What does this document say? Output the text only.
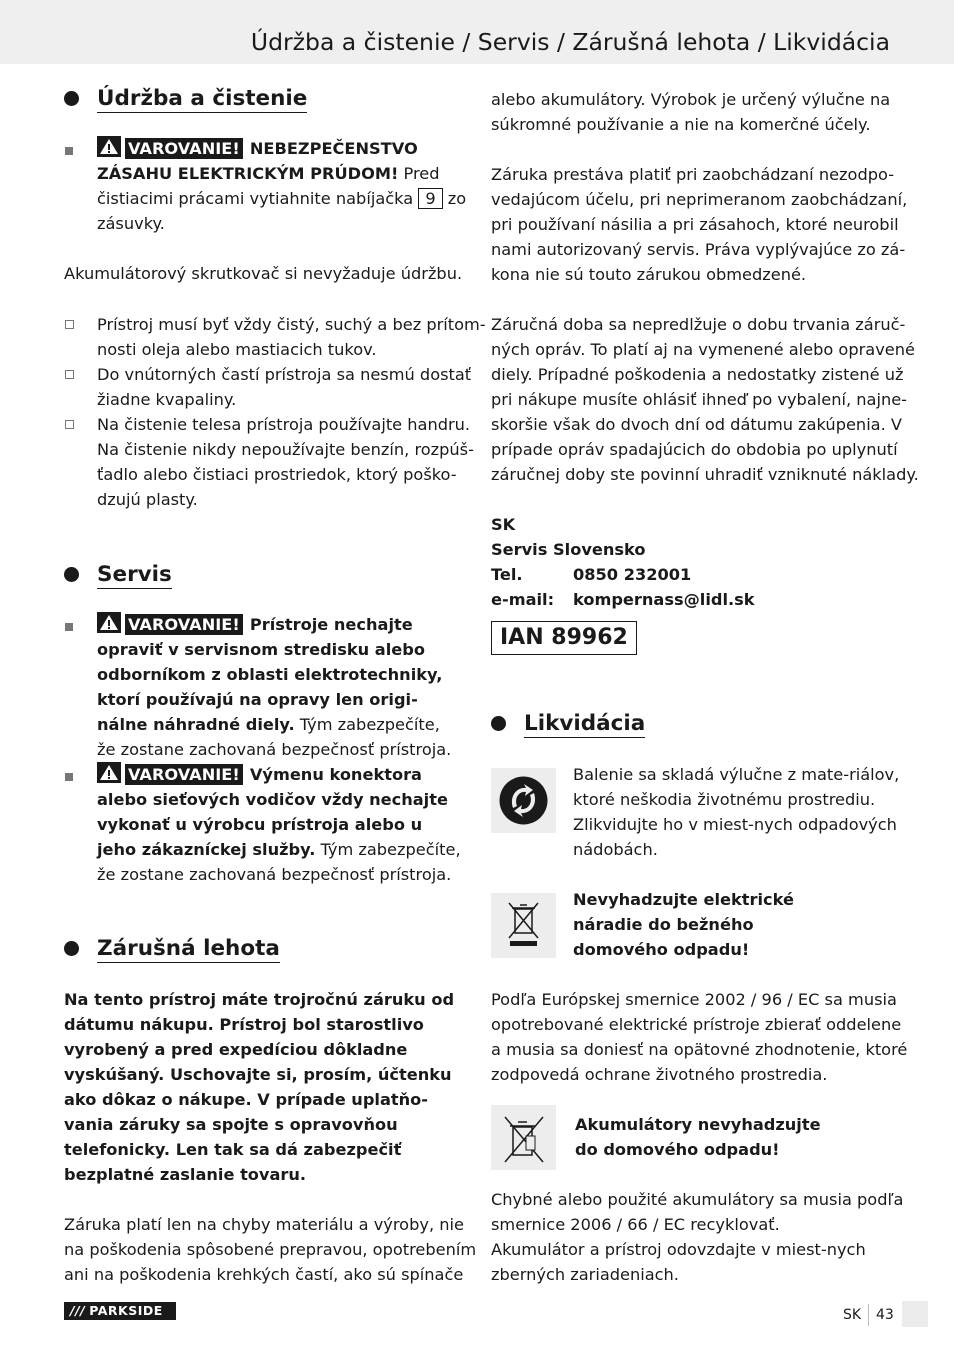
Údržba a čistenie / Servis / Zárušná lehota / Likvidácia
Údržba a čistenie
VAROVANIE! NEBEZPEČENSTVO
ZÁSAHU ELEKTRICKÝM PRÚDOM! Pred
čistiacimi prácami vytiahnite nabíjačka 9 zo
zásuvky.
Akumulátorový skrutkovač si nevyžaduje údržbu.
Prístroj musí byť vždy čistý, suchý a bez prítom-
nosti oleja alebo mastiacich tukov.
Do vnútorných častí prístroja sa nesmú dostať
žiadne kvapaliny.
Na čistenie telesa prístroja používajte handru.
Na čistenie nikdy nepoužívajte benzín, rozpúš-
ťadlo alebo čistiaci prostriedok, ktorý poško-
dzujú plasty.
Servis
VAROVANIE! Prístroje nechajte
opraviť v servisnom stredisku alebo
odborníkom z oblasti elektrotechniky,
ktorí používajú na opravy len origi-
nálne náhradné diely. Tým zabezpečíte,
že zostane zachovaná bezpečnosť prístroja.
VAROVANIE! Výmenu konektora
alebo sieťových vodičov vždy nechajte
vykonať u výrobcu prístroja alebo u
jeho zákazníckej služby. Tým zabezpečíte,
že zostane zachovaná bezpečnosť prístroja.
Zárušná lehota
Na tento prístroj máte trojročnú záruku od
dátumu nákupu. Prístroj bol starostlivo
vyrobený a pred expedíciou dôkladne
vyskúšaný. Uschovajte si, prosím, účtenku
ako dôkaz o nákupe. V prípade uplatňo-
vania záruky sa spojte s opravovňou
telefonicky. Len tak sa dá zabezpečiť
bezplatné zaslanie tovaru.
Záruka platí len na chyby materiálu a výroby, nie
na poškodenia spôsobené prepravou, opotrebením
ani na poškodenia krehkých častí, ako sú spínače
alebo akumulátory. Výrobok je určený výlučne na
súkromné používanie a nie na komerčné účely.
Záruka prestáva platiť pri zaobchádzaní nezodpo-
vedajúcom účelu, pri neprimeranom zaobchádzaní,
pri používaní násilia a pri zásahoch, ktoré neurobil
nami autorizovaný servis. Práva vyplývajúce zo zá-
kona nie sú touto zárukou obmedzené.
Záručná doba sa nepredlžuje o dobu trvania záruč-
ných opráv. To platí aj na vymenené alebo opravené
diely. Prípadné poškodenia a nedostatky zistené už
pri nákupe musíte ohlásiť ihneď po vybalení, najne-
skoršie však do dvoch dní od dátumu zakúpenia. V
prípade opráv spadajúcich do obdobia po uplynutí
záručnej doby ste povinní uhradiť vzniknuté náklady.
SK
Servis Slovensko
Tel.	0850 232001
e-mail: kompernass@lidl.sk
IAN 89962
Likvidácia
Balenie sa skladá výlučne z mate-riálov,
ktoré neškodia životnému prostrediu.
Zlikvidujte ho v miest-nych odpadových
nádobách.
Nevyhadzujte elektrické
náradie do bežného
domového odpadu!
Podľa Európskej smernice 2002 / 96 / EC sa musia
opotrebované elektrické prístroje zbierať oddelene
a musia sa doniesť na opätovné zhodnotenie, ktoré
zodpovedá ochrane životného prostredia.
Akumulátory nevyhadzujte
do domového odpadu!
Chybné alebo použité akumulátory sa musia podľa
smernice 2006 / 66 / EC recyklovať.
Akumulátor a prístroj odovzdajte v miest-nych
zberných zariadeniach.
/// PARKSIDE	SK 43
